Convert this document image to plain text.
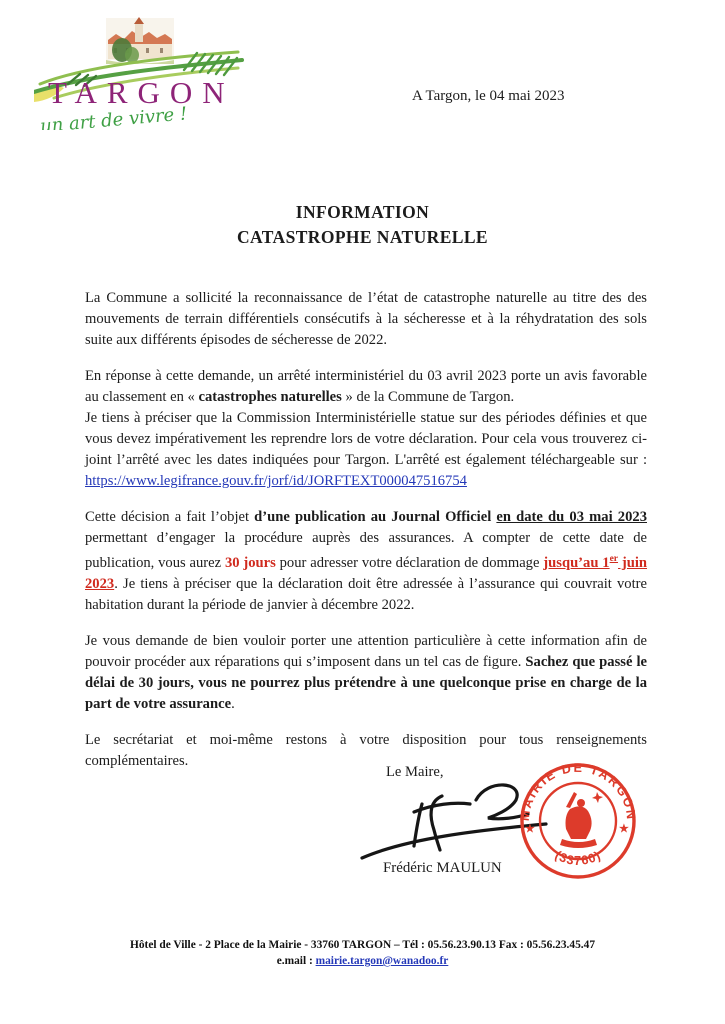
TARGON
un art de vivre !
A Targon, le 04 mai 2023
INFORMATION
CATASTROPHE NATURELLE

La Commune a sollicité la reconnaissance de l’état de catastrophe naturelle au titre des des mouvements de terrain différentiels consécutifs à la sécheresse et à la réhydratation des sols suite aux différents épisodes de sécheresse de 2022.

En réponse à cette demande, un arrêté interministériel du 03 avril 2023 porte un avis favorable au classement en « catastrophes naturelles » de la Commune de Targon.
Je tiens à préciser que la Commission Interministérielle statue sur des périodes définies et que vous devez impérativement les reprendre lors de votre déclaration. Pour cela vous trouverez ci-joint l’arrêté avec les dates indiquées pour Targon. L'arrêté est également téléchargeable sur : https://www.legifrance.gouv.fr/jorf/id/JORFTEXT000047516754

Cette décision a fait l’objet d’une publication au Journal Officiel en date du 03 mai 2023 permettant d’engager la procédure auprès des assurances. A compter de cette date de publication, vous aurez 30 jours pour adresser votre déclaration de dommage jusqu’au 1er juin 2023. Je tiens à préciser que la déclaration doit être adressée à l’assurance qui couvrait votre habitation durant la période de janvier à décembre 2022.

Je vous demande de bien vouloir porter une attention particulière à cette information afin de pouvoir procéder aux réparations qui s’imposent dans un tel cas de figure. Sachez que passé le délai de 30 jours, vous ne pourrez plus prétendre à une quelconque prise en charge de la part de votre assurance.

Le secrétariat et moi-même restons à votre disposition pour tous renseignements complémentaires.

Le Maire,
MAIRIE DE TARGON
(33760)
★	★
Frédéric MAULUN
Hôtel de Ville - 2 Place de la Mairie - 33760 TARGON – Tél : 05.56.23.90.13 Fax : 05.56.23.45.47
e.mail : mairie.targon@wanadoo.fr
